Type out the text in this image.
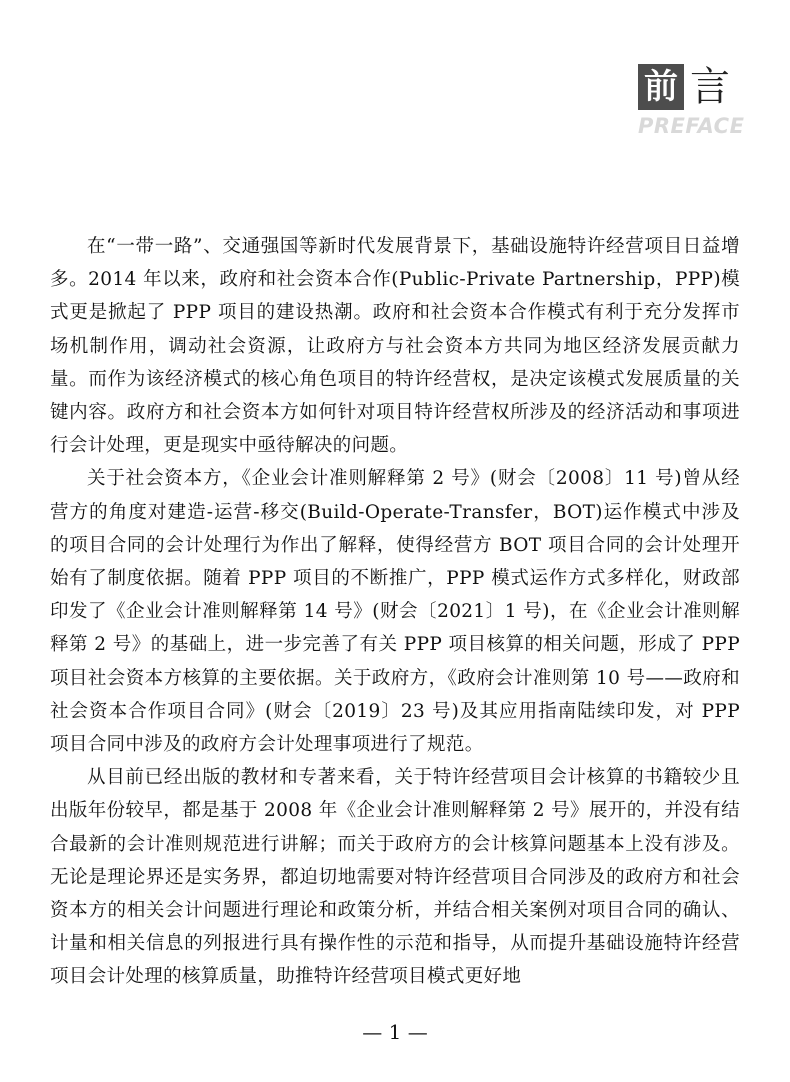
前 言
PREFACE

在“一带一路”、交通强国等新时代发展背景下，基础设施特许经营项目日益增多。2014 年以来，政府和社会资本合作(Public-Private Partnership，PPP)模式更是掀起了 PPP 项目的建设热潮。政府和社会资本合作模式有利于充分发挥市场机制作用，调动社会资源，让政府方与社会资本方共同为地区经济发展贡献力量。而作为该经济模式的核心角色项目的特许经营权，是决定该模式发展质量的关键内容。政府方和社会资本方如何针对项目特许经营权所涉及的经济活动和事项进行会计处理，更是现实中亟待解决的问题。

关于社会资本方，《企业会计准则解释第 2 号》(财会〔2008〕11 号)曾从经营方的角度对建造-运营-移交(Build-Operate-Transfer，BOT)运作模式中涉及的项目合同的会计处理行为作出了解释，使得经营方 BOT 项目合同的会计处理开始有了制度依据。随着 PPP 项目的不断推广，PPP 模式运作方式多样化，财政部印发了《企业会计准则解释第 14 号》(财会〔2021〕1 号)，在《企业会计准则解释第 2 号》的基础上，进一步完善了有关 PPP 项目核算的相关问题，形成了 PPP 项目社会资本方核算的主要依据。关于政府方，《政府会计准则第 10 号——政府和社会资本合作项目合同》(财会〔2019〕23 号)及其应用指南陆续印发，对 PPP 项目合同中涉及的政府方会计处理事项进行了规范。

从目前已经出版的教材和专著来看，关于特许经营项目会计核算的书籍较少且出版年份较早，都是基于 2008 年《企业会计准则解释第 2 号》展开的，并没有结合最新的会计准则规范进行讲解；而关于政府方的会计核算问题基本上没有涉及。无论是理论界还是实务界，都迫切地需要对特许经营项目合同涉及的政府方和社会资本方的相关会计问题进行理论和政策分析，并结合相关案例对项目合同的确认、计量和相关信息的列报进行具有操作性的示范和指导，从而提升基础设施特许经营项目会计处理的核算质量，助推特许经营项目模式更好地

— 1 —
